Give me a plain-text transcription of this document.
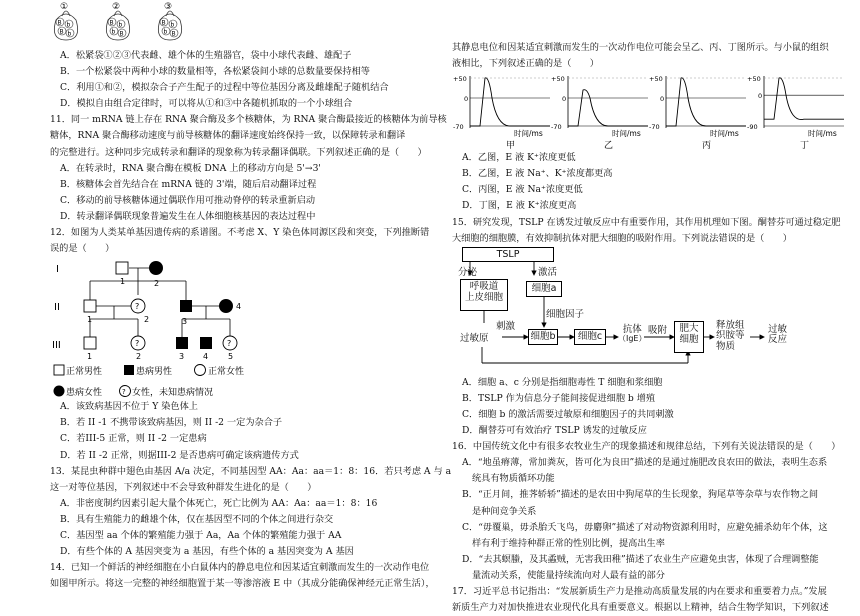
①	②	③
B b
B b
B b
b B
B b
b B
A．松紧袋①②③代表雌、雄个体的生殖器官，袋中小球代表雌、雄配子
B．一个松紧袋中两种小球的数量相等，各松紧袋间小球的总数量要保持相等
C．利用①和②，模拟杂合子产生配子的过程中等位基因分离及雌雄配子随机结合
D．模拟自由组合定律时，可以将从①和③中各随机抓取的一个小球组合
11．同一 mRNA 链上存在 RNA 聚合酶及多个核糖体，为 RNA 聚合酶最接近的核糖体为前导核
糖体，RNA 聚合酶移动速度与前导核糖体的翻译速度始终保持一致，以保障转录和翻译
的完整进行。这种同步完成转录和翻译的现象称为转录翻译偶联。下列叙述正确的是（　　）
A．在转录时，RNA 聚合酶在模板 DNA 上的移动方向是 5'→3'
B．核糖体会首先结合在 mRNA 链的 3'端，随后启动翻译过程
C．移动的前导核糖体通过偶联作用可推动脊停的转录重新启动
D．转录翻译偶联现象普遍发生在人体细胞核基因的表达过程中
12．如图为人类某单基因遗传病的系谱图。不考虑 X、Y 染色体同源区段和突变，下列推断错
误的是（　　）
I
II
III
1	2
?
1	2	3
4
?	?
1	2	3 4 5
正常男性	患病男性	正常女性
患病女性	? 女性，未知患病情况
A．该致病基因不位于 Y 染色体上
B．若 II -1 不携带该致病基因，则 II -2 一定为杂合子
C．若III-5 正常，则 II -2 一定患病
D．若 II -2 正常，则据III-2 是否患病可确定该病遗传方式
13．某昆虫种群中翅色由基因 A/a 决定，不同基因型 AA：Aa：aa＝1：8：16．若只考虑 A 与 a
这一对等位基因，下列叙述中不会导致种群发生进化的是（　　）
A．非密度制约因素引起大量个体死亡，死亡比例为 AA：Aa：aa＝1：8：16
B．具有生殖能力的雌雄个体，仅在基因型不同的个体之间进行杂交
C．基因型 aa 个体的繁殖能力强于 Aa，Aa 个体的繁殖能力强于 AA
D．有些个体的 A 基因突变为 a 基因，有些个体的 a 基因突变为 A 基因
14．已知一个鲜活的神经细胞在小白鼠体内的静息电位和因某适宜刺激而发生的一次动作电位
如图甲所示。将这一完整的神经细胞置于某一等渗溶液 E 中（其成分能确保神经元正常生活），
其静息电位和因某适宜刺激而发生的一次动作电位可能会呈乙、丙、丁图所示。与小鼠的组织
液相比，下列叙述正确的是（　　）
+50
0
-70
时间/ms
甲
+50
0
-70
时间/ms
乙
+50
0
-70
时间/ms
丙
+50
0
-90
时间/ms
丁
A．乙图，E 液 K⁺浓度更低
B．乙图，E 液 Na⁺、K⁺浓度都更高
C．丙图，E 液 Na⁺浓度更低
D．丁图，E 液 K⁺浓度更高
15．研究发现，TSLP 在诱发过敏反应中有重要作用，其作用机理如下图。酮替芬可通过稳定肥
大细胞的细胞膜，有效抑制抗体对肥大细胞的吸附作用。下列说法错误的是（　　）
TSLP
分泌	激活
呼吸道
上皮细胞
细胞a
细胞因子
刺激
过敏原	细胞b	细胞c
抗体
（IgE）
吸附	肥大
细胞
释放组
织胺等
物质
过敏
反应
A．细胞 a、c 分别是指细胞毒性 T 细胞和浆细胞
B．TSLP 作为信息分子能间接促进细胞 b 增殖
C．细胞 b 的激活需要过敏原和细胞因子的共同刺激
D．酮替芬可有效治疗 TSLP 诱发的过敏反应
16．中国传统文化中有很多农牧业生产的现象描述和规律总结，下列有关说法错误的是（　　）
A．“地虽瘠薄，常加粪灰，皆可化为良田”描述的是通过施肥改良农田的做法，表明生态系
统具有物质循环功能
B．“正月间，推荠轿轿”描述的是农田中狗尾草的生长现象，狗尾草等杂草与农作物之间
是种间竞争关系
C．“毋覆巢，毋杀胎夭飞鸟，毋麝卵”描述了对动物资源利用时，应避免捕杀幼年个体，这
样有利于维持种群正常的性别比例，提高出生率
D．“去其螟螣，及其蟊贼，无害我田稚”描述了农业生产应避免虫害，体现了合理调整能
量流动关系，使能量持续流向对人最有益的部分
17．习近平总书记指出：“发展新质生产力是推动高质量发展的内在要求和重要着力点。”发展
新质生产力对加快推进农业现代化具有重要意义。根据以上精神，结合生物学知识，下列叙述
